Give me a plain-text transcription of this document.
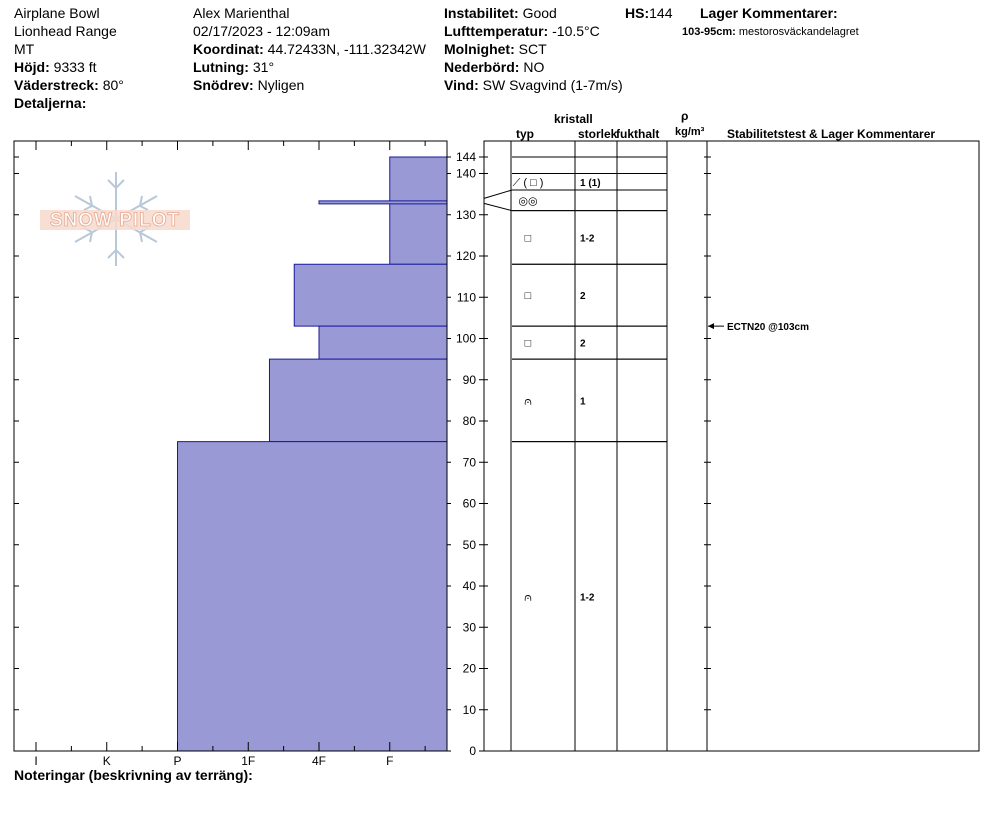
Airplane Bowl
Lionhead Range
MT
Höjd: 9333 ft
Väderstreck: 80°
Detaljerna:
Alex Marienthal
02/17/2023 - 12:09am
Koordinat: 44.72433N, -111.32342W
Lutning: 31°
Snödrev: Nyligen
Instabilitet: Good
Lufttemperatur: -10.5°C
Molnighet: SCT
Nederbörd: NO
Vind: SW Svagvind (1-7m/s)
HS:144 Lager Kommentarer:
103-95cm: mestorosväckandelagret
kristall
typ	storlek
fukthalt
ρ
kg/m³ Stabilitetstest & Lager Kommentarer
SNOW PILOT
0
10
20
30
40
50
60
70
80
90
100
110
120
130
140
144
I	K	P	1F	4F	F
⟋ ( □ )	1 (1)
◎◎
□	1-2
□	2
□	2
⩀	1
⩀	1-2
ECTN20 @103cm
Noteringar (beskrivning av terräng):
